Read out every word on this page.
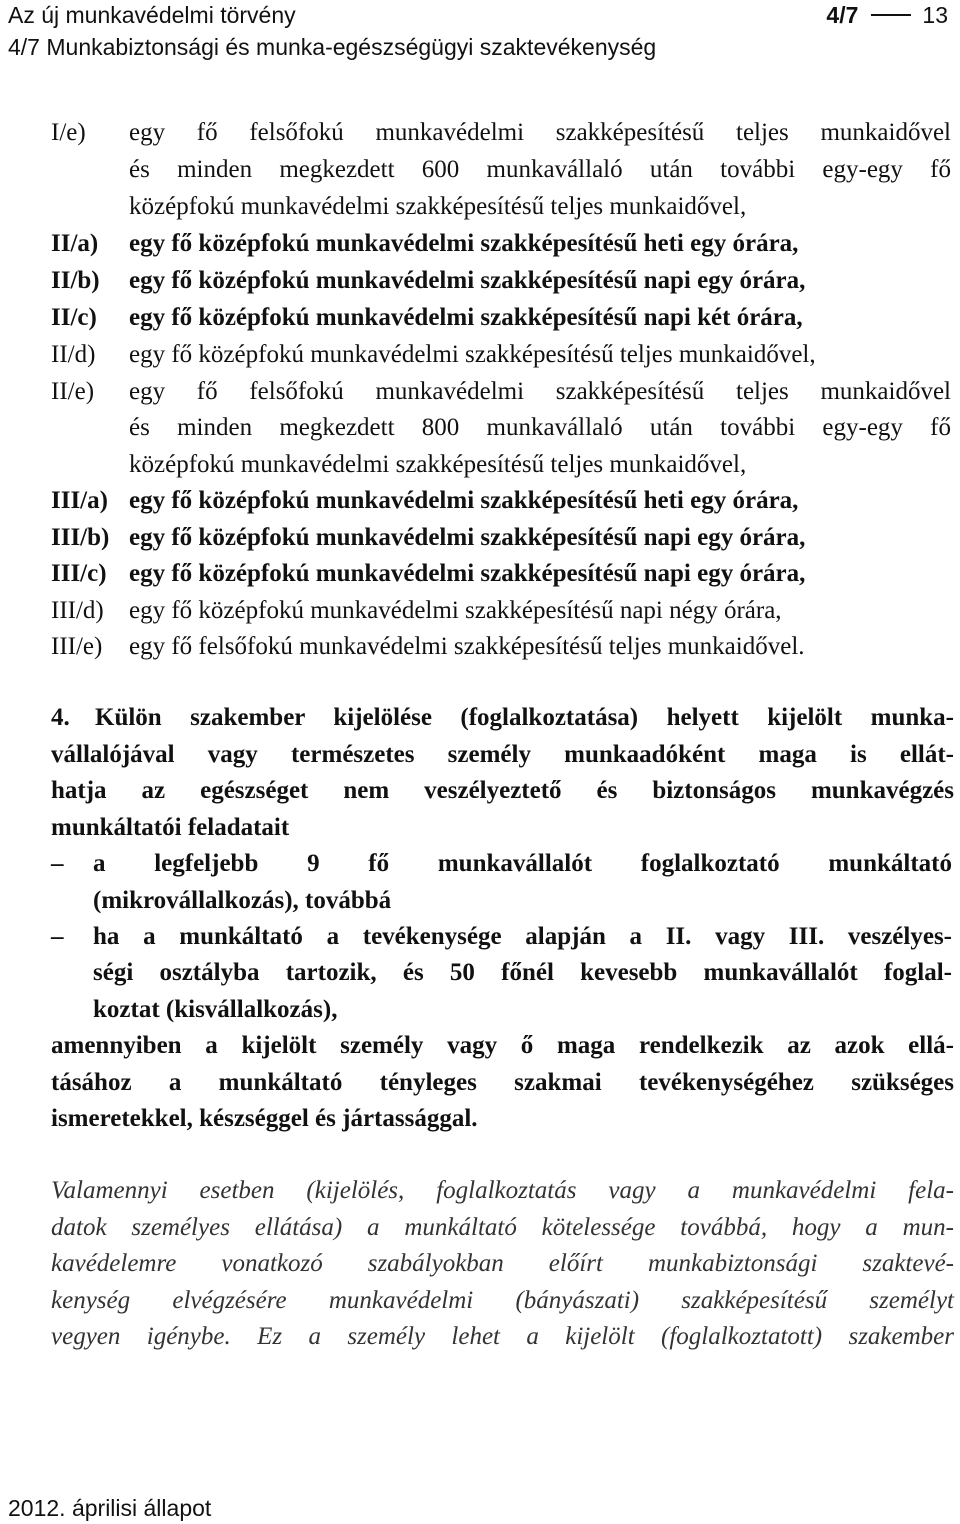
Az új munkavédelmi törvény	4/7	13
4/7 Munkabiztonsági és munka-egészségügyi szaktevékenység
I/e) egy fő felsőfokú munkavédelmi szakképesítésű teljes munkaidővel
és minden megkezdett 600 munkavállaló után további egy-egy fő
középfokú munkavédelmi szakképesítésű teljes munkaidővel,
II/a) egy fő középfokú munkavédelmi szakképesítésű heti egy órára,
II/b) egy fő középfokú munkavédelmi szakképesítésű napi egy órára,
II/c) egy fő középfokú munkavédelmi szakképesítésű napi két órára,
II/d) egy fő középfokú munkavédelmi szakképesítésű teljes munkaidővel,
II/e) egy fő felsőfokú munkavédelmi szakképesítésű teljes munkaidővel
és minden megkezdett 800 munkavállaló után további egy-egy fő
középfokú munkavédelmi szakképesítésű teljes munkaidővel,
III/a) egy fő középfokú munkavédelmi szakképesítésű heti egy órára,
III/b) egy fő középfokú munkavédelmi szakképesítésű napi egy órára,
III/c) egy fő középfokú munkavédelmi szakképesítésű napi egy órára,
III/d) egy fő középfokú munkavédelmi szakképesítésű napi négy órára,
III/e) egy fő felsőfokú munkavédelmi szakképesítésű teljes munkaidővel.
4.	Külön szakember kijelölése (foglalkoztatása) helyett kijelölt munka-
vállalójával vagy természetes személy munkaadóként maga is ellát-
hatja az egészséget nem veszélyeztető és biztonságos munkavégzés
munkáltatói feladatait
– a legfeljebb 9 fő munkavállalót foglalkoztató munkáltató
(mikrovállalkozás), továbbá
– ha a munkáltató a tevékenysége alapján a II. vagy III. veszélyes-
ségi osztályba tartozik, és 50 főnél kevesebb munkavállalót foglal-
koztat (kisvállalkozás),
amennyiben a kijelölt személy vagy ő maga rendelkezik az azok ellá-
tásához a munkáltató tényleges szakmai tevékenységéhez szükséges
ismeretekkel, készséggel és jártassággal.
Valamennyi esetben (kijelölés, foglalkoztatás vagy a munkavédelmi fela-
datok személyes ellátása) a munkáltató kötelessége továbbá, hogy a mun-
kavédelemre vonatkozó szabályokban előírt munkabiztonsági szaktevé-
kenység elvégzésére munkavédelmi (bányászati) szakképesítésű személyt
vegyen igénybe. Ez a személy lehet a kijelölt (foglalkoztatott) szakember
2012. áprilisi állapot
